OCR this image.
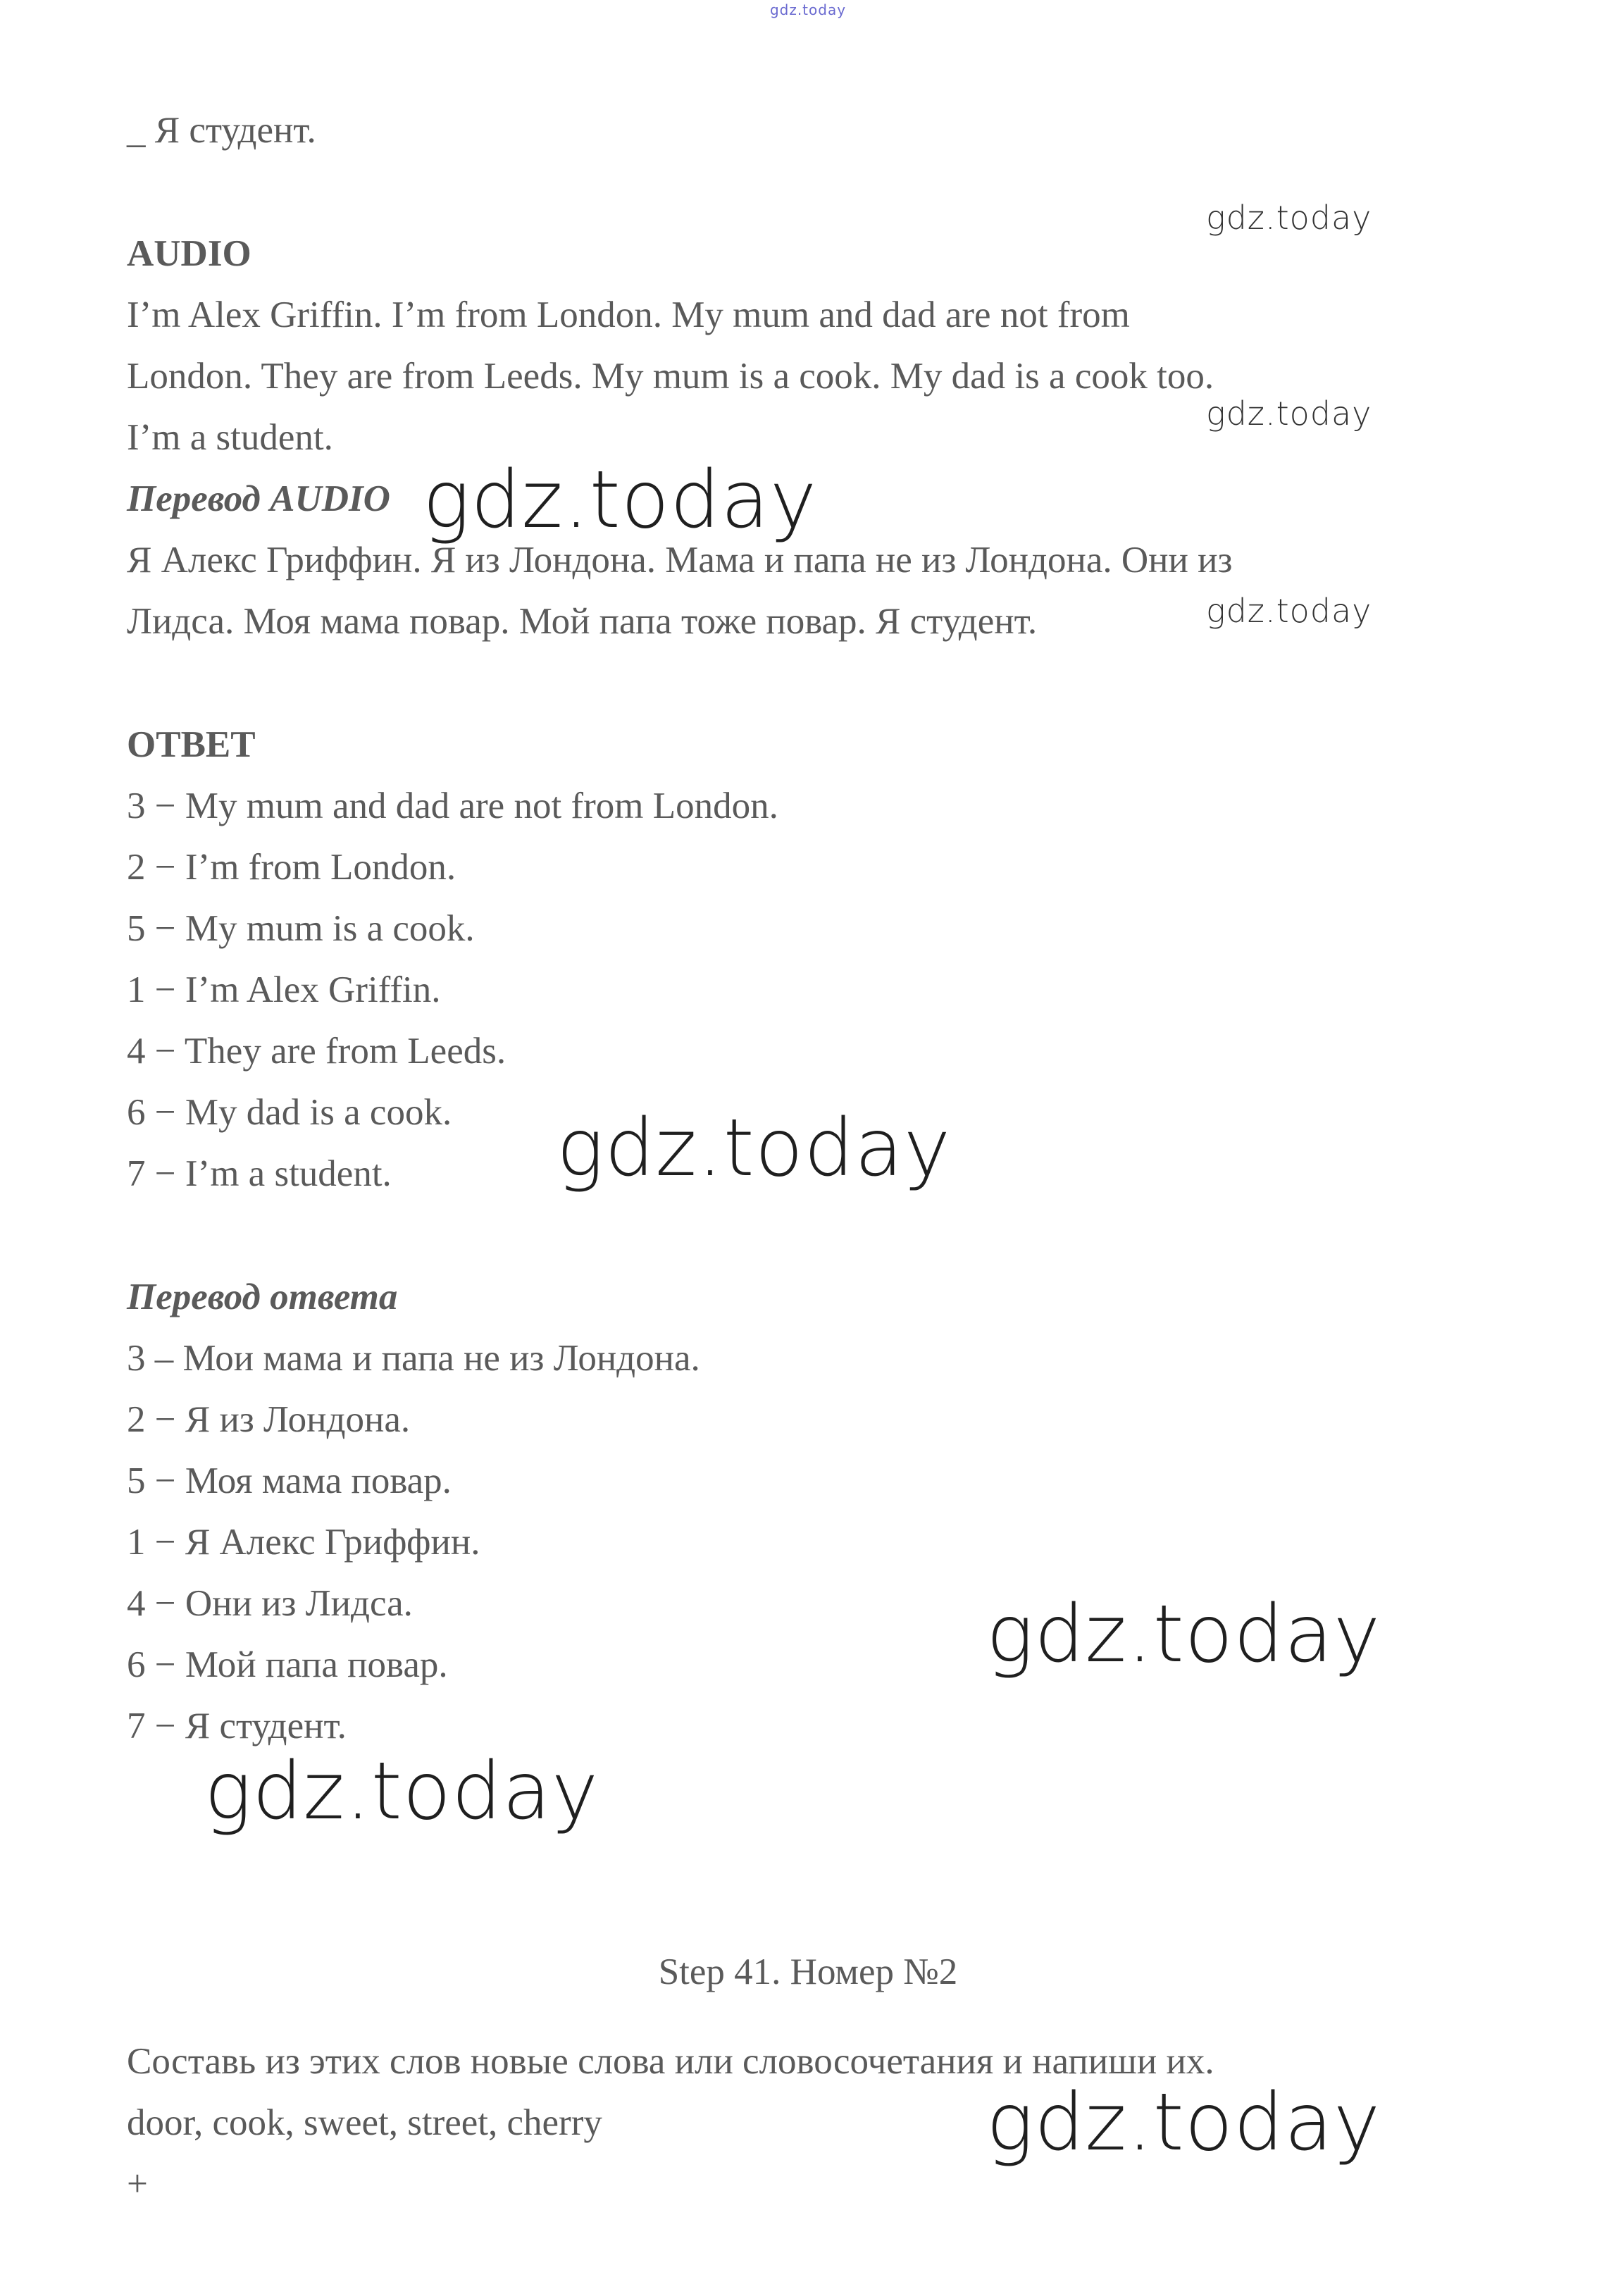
gdz.today

_ Я студент.

AUDIO

I’m Alex Griffin. I’m from London. My mum and dad are not from

London. They are from Leeds. My mum is a cook. My dad is a cook too.

I’m a student.

Перевод AUDIO

Я Алекс Гриффин. Я из Лондона. Мама и папа не из Лондона. Они из

Лидса. Моя мама повар. Мой папа тоже повар. Я студент.

ОТВЕТ

3 − My mum and dad are not from London.

2 − I’m from London.

5 − My mum is a cook.

1 − I’m Alex Griffin.

4 − They are from Leeds.

6 − My dad is a cook.

7 − I’m a student.

Перевод ответа

3 – Мои мама и папа не из Лондона.

2 − Я из Лондона.

5 − Моя мама повар.

1 − Я Алекс Гриффин.

4 − Они из Лидса.

6 − Мой папа повар.

7 − Я студент.

Step 41. Номер №2

Составь из этих слов новые слова или словосочетания и напиши их.

door, cook, sweet, street, cherry

+

gdz.today
gdz.today
gdz.today
gdz.today
gdz.today
gdz.today
gdz.today
gdz.today
